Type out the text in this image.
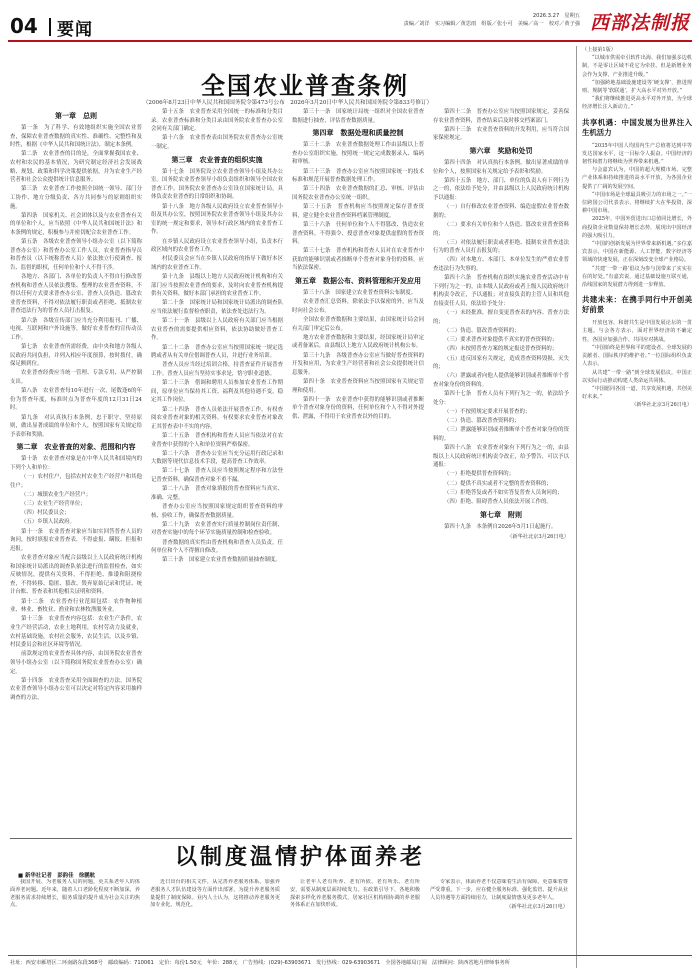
04 要闻
2026.3.27　星期五
责编／刘洋　实习编辑／黄思雨　组版／张小可　美编／高一　校对／黄子强 西部法制报
全国农业普查条例
（2006年8月23日中华人民共和国国务院令第473号公布　2026年3月20日中华人民共和国国务院令第833号修订）
第一章　总则

第一条　为了科学、有效地组织实施全国农业普查，保障农业普查数据的真实性、准确性、完整性和及时性，根据《中华人民共和国统计法》，制定本条例。

第二条　农业普查的目的是，全面掌握我国农业、农村和农民的基本情况，为研究制定经济社会发展战略、规划、政策和科学决策提供依据，并为农业生产经营者和社会公众提供统计信息服务。

第三条　农业普查工作按照全国统一领导、部门分工协作、地方分级负责、各方共同参与的原则组织实施。

第四条　国家机关、社会团体以及与农业普查有关的单位和个人，应当依照《中华人民共和国统计法》和本条例的规定，积极参与并密切配合农业普查工作。

第五条　各级农业普查领导小组办公室（以下简称普查办公室）和普查办公室工作人员，农业普查指导员和普查员（以下统称普查人员）依法独立行使调查、报告、监督的职权，任何单位和个人不得干涉。

各地方、各部门、各单位的负责人不得自行修改普查机构和普查人员依法搜集、整理的农业普查资料，不得以任何方式要求普查办公室、普查人员伪造、篡改农业普查资料，不得对依法履行职责或者拒绝、抵制农业普查违法行为的普查人员打击报复。

第六条　各级宣传部门应当充分利用报刊、广播、电视、互联网和户外设施等，做好农业普查的宣传动员工作。

第七条　农业普查所需经费，由中央和地方各级人民政府共同负担，并列入相应年度预算，按时拨付，确保足额到位。

农业普查经费应当统一管理、专款专用、从严控制支出。

第八条　农业普查每10年进行一次，尾数逢6的年份为普查年度，标准时点为普查年度的12月31日24时。

第九条　对认真执行本条例，忠于职守，坚持原则，做出显著成绩的单位和个人，按照国家有关规定给予表彰和奖励。

第二章　农业普查的对象、范围和内容

第十条　农业普查对象是在中华人民共和国境内的下列个人和单位：

（一）农村住户，包括农村农业生产经营户和其他住户；

（二）城镇农业生产经营户；

（三）农业生产经营单位；

（四）村民委员会；

（五）乡镇人民政府。

第十一条　农业普查对象应当如实回答普查人员的询问，按时填报农业普查表，不得虚报、瞒报、拒报和迟报。

农业普查对象应当配合县级以上人民政府统计机构和国家统计局派出的调查队依法进行的监督检查，如实反映情况，提供有关资料，不得拒绝、推诿和阻挠检查，不得转移、隐匿、篡改、毁弃原始记录和凭证、统计台账、普查表和其他相关证明和资料。

第十二条　农业普查行业范围包括：农作物种植业、林业、畜牧业、渔业和农林牧渔服务业。

第十三条　农业普查内容包括：农业生产条件，农业生产经营活动，农业土地利用，农村劳动力及就业，农村基础设施，农村社会服务，农民生活，以及乡镇、村民委员会和社区环境等情况。

前款规定的农业普查具体内容，由国务院农业普查领导小组办公室（以下简称国务院农业普查办公室）确定。

第十四条　农业普查采用全面调查的方法。国务院农业普查领导小组办公室可以决定对特定内容采用抽样调查的方法。

第十五条　农业普查采用全国统一的标准和分类目录。农业普查标准和分类目录由国务院农业普查办公室会同有关部门确定。

第十六条　农业普查表由国务院农业普查办公室统一制定。

第三章　农业普查的组织实施

第十七条　国务院设立农业普查领导小组及其办公室。国务院农业普查领导小组负责组织和领导全国农业普查工作。国务院农业普查办公室设在国家统计局，具体负责农业普查的日常组织和协调。

第十八条　地方各级人民政府设立农业普查领导小组及其办公室，按照国务院农业普查领导小组及其办公室的统一规定和要求，领导本行政区域内的农业普查工作。

在乡镇人民政府设立农业普查领导小组，负责本行政区域内的农业普查工作。

村民委员会应当在乡镇人民政府的指导下做好本区域内的农业普查工作。

第十九条　县级以上地方人民政府统计机构和有关部门应当按照农业普查的要求，及时向农业普查机构提供有关资料，做好本部门承担的农业普查工作。

第二十条　国家统计局和国家统计局派出的调查队应当依法履行监督检查职责，依法查处违法行为。

第二十一条　县级以上人民政府有关部门应当根据农业普查的需要提供相应资料，依法协助做好普查工作。

第二十二条　普查办公室应当按照国家统一规定选聘或者从有关单位借调普查人员，并进行业务培训。

普查人员应当经过培训合格，持普查证件开展普查工作。普查人员应当坚持实事求是，恪守职业道德。

第二十三条　借调和聘用人员参加农业普查工作期间，原单位应当保持其工资、福利及其他待遇不变，稳定其工作岗位。

第二十四条　普查人员依法开展普查工作，有权查阅农业普查对象的相关资料，有权要求农业普查对象改正其普查表中不实的内容。

第二十五条　普查机构和普查人员应当依法对在农业普查中获得的个人和单位资料严格保密。

第二十六条　普查办公室应当充分运用行政记录和大数据等现代信息技术手段，提高普查工作效率。

第二十七条　普查人员应当按照规定程序和方法登记普查资料，确保普查对象不重不漏。

第二十八条　普查对象填报的普查资料应当真实、准确、完整。

普查办公室应当按照国家规定组织普查资料的审核、验收工作，确保普查数据质量。

第二十九条　农业普查实行质量控制岗位责任制，对普查实施中的每个环节实施质量控制和检查验收。

普查数据的真实性由普查机构和普查人员负责，任何单位和个人不得擅自修改。

第三十条　国家建立农业普查数据质量抽查制度。

第三十一条　国家统计局统一组织对全国农业普查数据进行抽查，评估普查数据质量。

第四章　数据处理和质量控制

第三十二条　农业普查数据处理工作由县级以上普查办公室组织实施，按照统一规定完成数据录入、编码和审核。

第三十三条　普查办公室应当按照国家统一的技术标准和规范开展普查数据处理工作。

第三十四条　农业普查数据的汇总、审核、评估由国务院农业普查办公室统一组织。

第三十五条　普查机构应当按照规定保存普查资料，建立健全农业普查资料档案管理制度。

第三十六条　任何单位和个人不得篡改、伪造农业普查资料，不得强令、授意普查对象提供虚假的普查资料。

第三十七条　普查机构和普查人员对在农业普查中获取的能够识别或者推断单个普查对象身份的资料，应当依法保密。

第五章　数据公布、资料管理和开发应用

第三十八条　国家建立农业普查资料公布制度。

农业普查汇总资料，除依法予以保密的外，应当及时向社会公布。

全国农业普查数据和主要结果，由国家统计局会同有关部门审定后公布。

地方农业普查数据和主要结果，经国家统计局审定或者备案后，由县级以上地方人民政府统计机构公布。

第三十九条　各级普查办公室应当做好普查资料的开发和应用，为农业生产经营者和社会公众提供统计信息服务。

第四十条　农业普查资料应当按照国家有关规定管理和使用。

第四十一条　农业普查中获得的能够识别或者推断单个普查对象身份的资料，任何单位和个人不得对外提供、泄露，不得用于农业普查以外的目的。

第四十二条　普查办公室应当按照国家规定，妥善保存农业普查资料，普查结束后及时移交档案部门。

第四十三条　农业普查资料的开发利用，应当符合国家保密规定。

第六章　奖励和处罚

第四十四条　对认真执行本条例，做出显著成绩的单位和个人，按照国家有关规定给予表彰和奖励。

第四十五条　地方、部门、单位的负责人有下列行为之一的，依法给予处分，并由县级以上人民政府统计机构予以通报：

（一）自行修改农业普查资料、编造虚假农业普查数据的；

（二）要求有关单位和个人伪造、篡改农业普查资料的；

（三）对依法履行职责或者拒绝、抵制农业普查违法行为的普查人员打击报复的；

（四）对本地方、本部门、本单位发生的严重农业普查违法行为失察的。

第四十六条　普查机构在组织实施农业普查活动中有下列行为之一的，由本级人民政府或者上级人民政府统计机构责令改正，予以通报；对直接负责的主管人员和其他直接责任人员，依法给予处分：

（一）未经批准，擅自变更普查表的内容、普查方法的；

（二）伪造、篡改普查资料的；

（三）要求普查对象提供不真实的普查资料的；

（四）未按照普查方案的规定报送普查资料的；

（五）违反国家有关规定，造成普查资料毁损、灭失的；

（六）泄露或者向他人提供能够识别或者推断单个普查对象身份的资料的。

第四十七条　普查人员有下列行为之一的，依法给予处分：

（一）不按照规定要求开展普查的；

（二）伪造、篡改普查资料的；

（三）泄露能够识别或者推断单个普查对象身份的资料的。

第四十八条　农业普查对象有下列行为之一的，由县级以上人民政府统计机构责令改正，给予警告，可以予以通报：

（一）拒绝提供普查资料的；

（二）提供不真实或者不完整的普查资料的；

（三）拒绝答复或者不如实答复普查人员询问的；

（四）拒绝、阻碍普查人员依法开展工作的。

第七章　附则

第四十九条　本条例自2026年5月1日起施行。

（新华社北京3月26日电）

（上接第1版）

“以城市供需牵引软件出海、我们加强多边机制，不是零让区域不花它为牵挂。但是新增业务会作为支撑，产业推进升级。”

“加强跨地基础设施建设等‘硬支撑’，推进规则、规制等‘软联通’，扩大高水平对外开放。”

“我们将继续推进更高水平对外开放，为全球经济增长注入新动力。”

共享机遇：中国发展为世界注入生机活力

“2035年中国人均国内生产总值将达到中等发达国家水平，这一目标令人振奋。中国经济的韧性和潜力将继续为世界带来机遇。”

与会嘉宾认为，中国的超大规模市场、完整产业体系和持续推进的高水平开放，为各国企业提供了广阔的发展空间。

“中国市场是全球最具吸引力的市场之一。”一位跨国公司代表表示，将继续扩大在华投资，深耕中国市场。

2025年，中国外贸进出口总值同比增长，外商投资企业数量保持增长态势，展现出中国经济的强大吸引力。

“中国的创新发展为世界带来新机遇。”多位嘉宾表示，中国在新能源、人工智能、数字经济等领域的快速发展，正在深刻改变全球产业格局。

“共建‘一带一路’倡议为参与国带来了实实在在的好处。”有嘉宾说，通过基础设施互联互通，沿线国家的发展潜力得到进一步释放。

共建未来：在携手同行中开创美好前景

开放包容、和谐共生是中国发展论坛的一贯主题。与会各方表示，面对世界经济的不确定性，各国应加强合作、共同应对挑战。

“中国始终是世界和平的建设者、全球发展的贡献者、国际秩序的维护者。”一位国际组织负责人表示。

从共建“一带一路”到全球发展倡议，中国正以实际行动推动构建人类命运共同体。

“中国愿同各国一道，共享发展机遇，共创美好未来。”

（新华社北京3月26日电）

以制度温情护体面养老
■ 新华社记者　彭韵佳　徐鹏航

我国开展、为老服务人员的问题，更关系老年人的体面养老问题。近年来，随着人口老龄化程度不断加深，养老服务需求持续增长，服务质量的提升成为社会关注的焦点。

近日出台的相关文件，从完善养老服务体系、加强养老服务人才队伍建设等方面作出部署，为提升养老服务质量提供了制度保障。业内人士认为，这将推动养老服务更加专业化、规范化。

让老年人老有所养、老有所依、老有所乐、老有所安，需要从制度层面持续发力。在政策引导下，各地积极探索多样化养老服务模式，居家社区机构相协调的养老服务体系正在加快形成。

专家表示，体面养老不仅意味着生活有保障，更意味着尊严受尊重。下一步，应在健全服务标准、强化监管、提升从业人员待遇等方面持续用力，让制度温情惠及更多老年人。

（新华社北京3月26日电）

社址：西安市雁塔区二环南路东段368号　邮政编码：710061　定价：每份1.50元　年价：288元　广告热线：(029)-63903671　发行热线：029-63903671　全国各地邮局订阅　法律顾问：陕西省地月律师事务所
